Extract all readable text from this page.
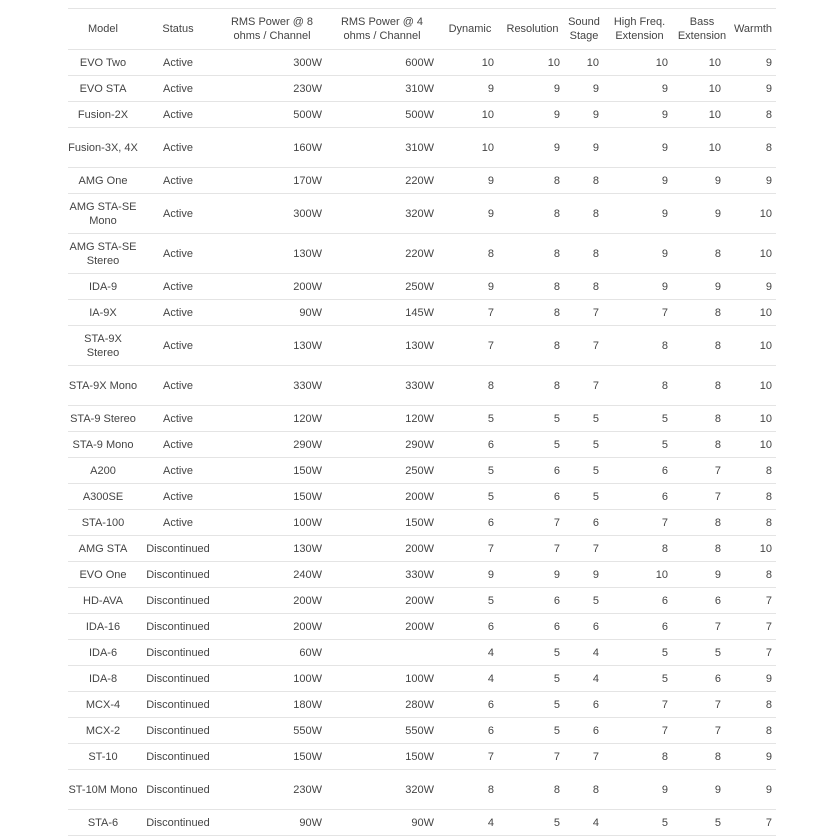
Model	Status	RMS Power @ 8 ohms / Channel	RMS Power @ 4 ohms / Channel	Dynamic	Resolution	Sound Stage	High Freq. Extension	Bass Extension	Warmth
EVO Two	Active	300W	600W	10	10	10	10	10	9
EVO STA	Active	230W	310W	9	9	9	9	10	9
Fusion-2X	Active	500W	500W	10	9	9	9	10	8
Fusion-3X, 4X	Active	160W	310W	10	9	9	9	10	8
AMG One	Active	170W	220W	9	8	8	9	9	9
AMG STA-SE Mono	Active	300W	320W	9	8	8	9	9	10
AMG STA-SE Stereo	Active	130W	220W	8	8	8	9	8	10
IDA-9	Active	200W	250W	9	8	8	9	9	9
IA-9X	Active	90W	145W	7	8	7	7	8	10
STA-9X Stereo	Active	130W	130W	7	8	7	8	8	10
STA-9X Mono	Active	330W	330W	8	8	7	8	8	10
STA-9 Stereo	Active	120W	120W	5	5	5	5	8	10
STA-9 Mono	Active	290W	290W	6	5	5	5	8	10
A200	Active	150W	250W	5	6	5	6	7	8
A300SE	Active	150W	200W	5	6	5	6	7	8
STA-100	Active	100W	150W	6	7	6	7	8	8
AMG STA	Discontinued	130W	200W	7	7	7	8	8	10
EVO One	Discontinued	240W	330W	9	9	9	10	9	8
HD-AVA	Discontinued	200W	200W	5	6	5	6	6	7
IDA-16	Discontinued	200W	200W	6	6	6	6	7	7
IDA-6	Discontinued	60W		4	5	4	5	5	7
IDA-8	Discontinued	100W	100W	4	5	4	5	6	9
MCX-4	Discontinued	180W	280W	6	5	6	7	7	8
MCX-2	Discontinued	550W	550W	6	5	6	7	7	8
ST-10	Discontinued	150W	150W	7	7	7	8	8	9
ST-10M Mono	Discontinued	230W	320W	8	8	8	9	9	9
STA-6	Discontinued	90W	90W	4	5	4	5	5	7
